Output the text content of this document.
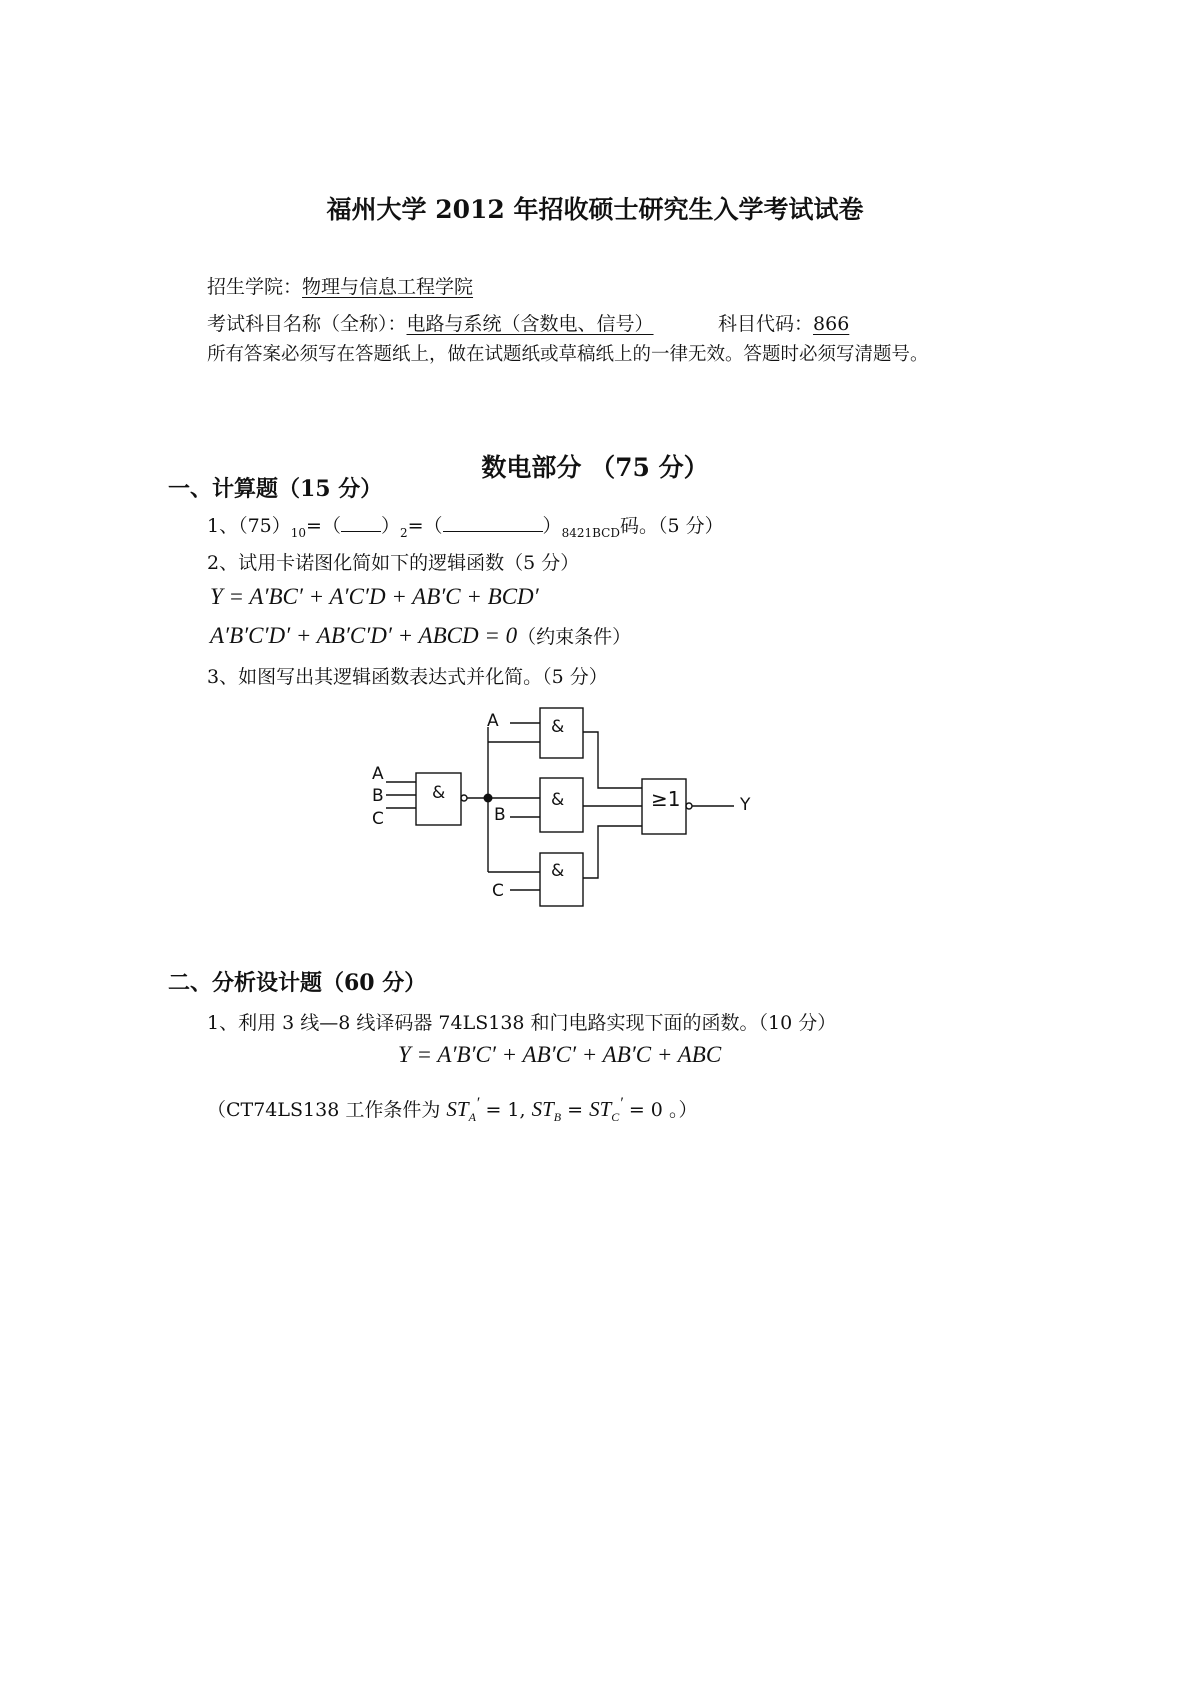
福州大学 2012 年招收硕士研究生入学考试试卷
招生学院：物理与信息工程学院
考试科目名称（全称）：电路与系统（含数电、信号）	科目代码：866
所有答案必须写在答题纸上，做在试题纸或草稿纸上的一律无效。答题时必须写清题号。
数电部分 （75 分）
一、计算题（15 分）
1、$(75)_{10}=$（ ）$_2=$（	）$_{8421BCD}$码。（5 分）
2、试用卡诺图化简如下的逻辑函数（5 分）
Y = A′BC′ + A′C′D + AB′C + BCD′
A′B′C′D′ + AB′C′D′ + ABCD = 0（约束条件）
3、如图写出其逻辑函数表达式并化简。（5 分）
A
B
C
&
A
B
C
&
&
&
≥1	Y
二、分析设计题（60 分）
1、利用 3 线—8 线译码器 74LS138 和门电路实现下面的函数。（10 分）
Y = A′B′C′ + AB′C′ + AB′C + ABC
（CT74LS138 工作条件为 $ST_A' = 1$, $ST_B = ST_C' = 0$ 。）
